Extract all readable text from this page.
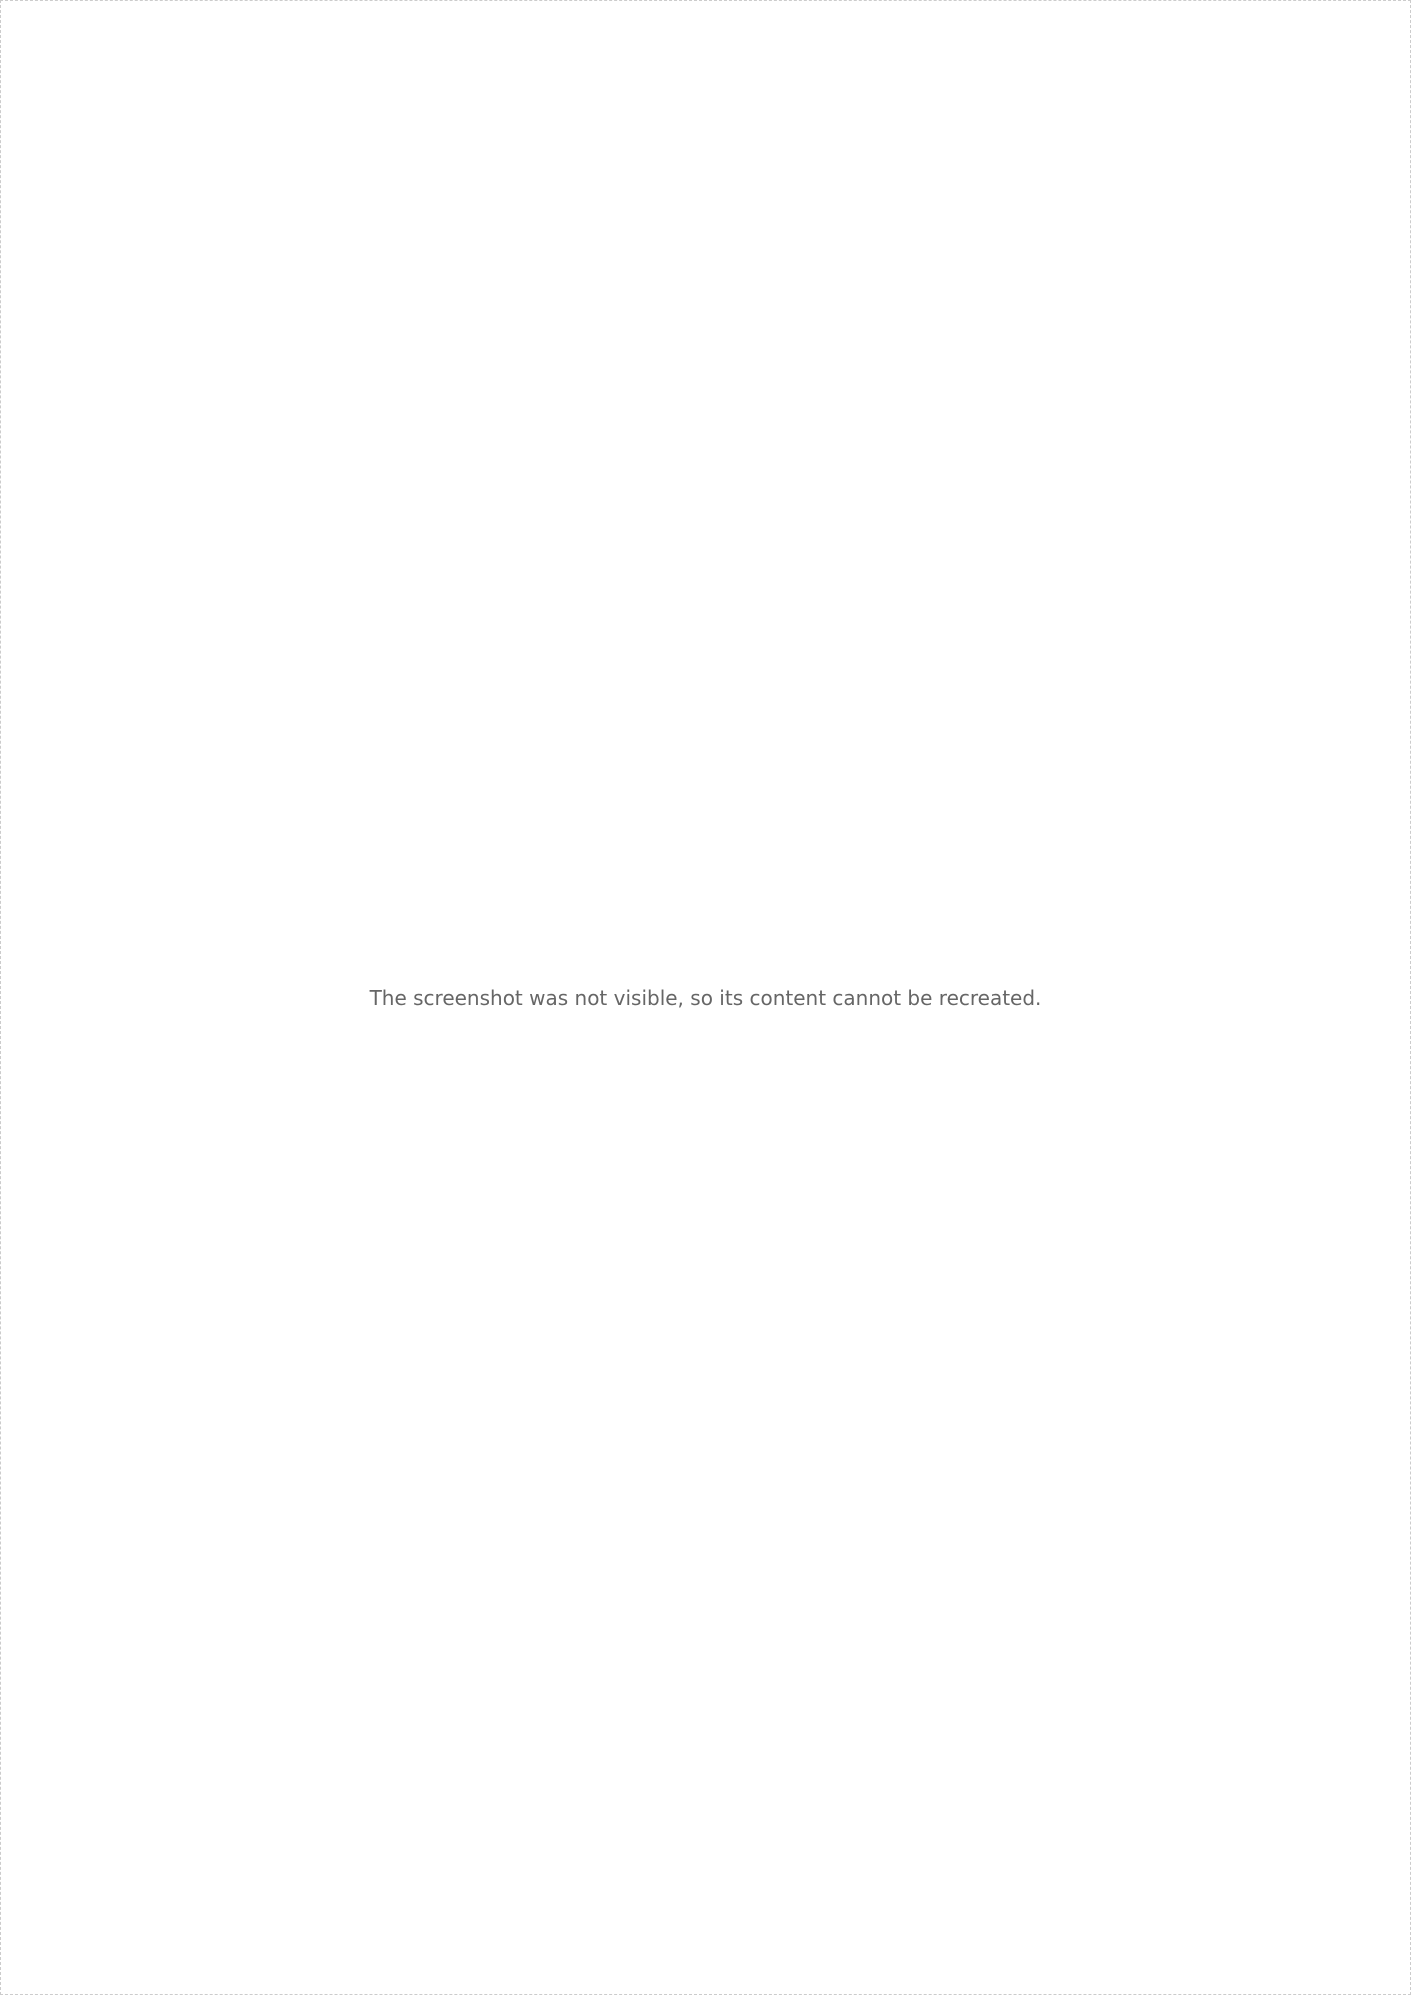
The screenshot was not visible, so its content cannot be recreated.
